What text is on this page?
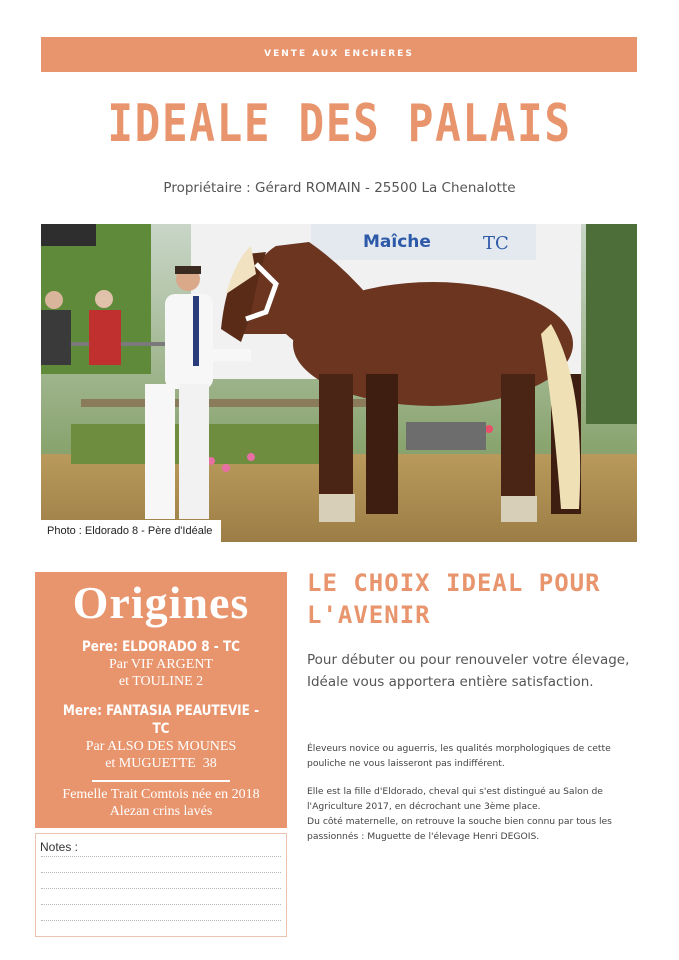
VENTE AUX ENCHERES
IDEALE DES PALAIS
Propriétaire : Gérard ROMAIN - 25500 La Chenalotte
Maîche	TC
Photo : Eldorado 8 - Père d'Idéale
Origines
Pere: ELDORADO 8 - TC
Par VIF ARGENT
et TOULINE 2
Mere: FANTASIA PEAUTEVIE - TC
Par ALSO DES MOUNES
et MUGUETTE  38
Femelle Trait Comtois née en 2018
Alezan crins lavés
Notes :
LE CHOIX IDEAL POUR
L'AVENIR
Pour débuter ou pour renouveler votre élevage,
Idéale vous apportera entière satisfaction.
Éleveurs novice ou aguerris, les qualités morphologiques de cette
pouliche ne vous laisseront pas indifférent.
Elle est la fille d'Eldorado, cheval qui s'est distingué au Salon de
l'Agriculture 2017, en décrochant une 3ème place.
Du côté maternelle, on retrouve la souche bien connu par tous les
passionnés : Muguette de l'élevage Henri DEGOIS.
